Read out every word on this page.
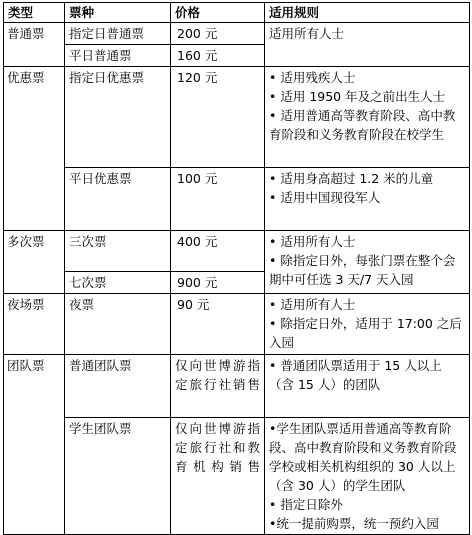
类型	票种	价格	适用规则
普通票	指定日普通票	200 元	适用所有人士
	平日普通票	160 元	
优惠票	指定日优惠票	120 元	• 适用残疾人士
• 适用 1950 年及之前出生人士
• 适用普通高等教育阶段、高中教育阶段和义务教育阶段在校学生

	平日优惠票	100 元	• 适用身高超过 1.2 米的儿童
• 适用中国现役军人

多次票	三次票	400 元	• 适用所有人士
• 除指定日外，每张门票在整个会期中可任选 3 天/7 天入园

	七次票	900 元	
夜场票	夜票	90 元	• 适用所有人士
• 除指定日外，适用于 17:00 之后入园

团队票	普通团队票	仅向世博游指定旅行社销售	• 普通团队票适用于 15 人以上（含 15 人）的团队

	学生团队票	仅向世博游指定旅行社和教育机构销售	•学生团队票适用普通高等教育阶段、高中教育阶段和义务教育阶段学校或相关机构组织的 30 人以上（含 30 人）的学生团队
• 指定日除外
•统一提前购票，统一预约入园
